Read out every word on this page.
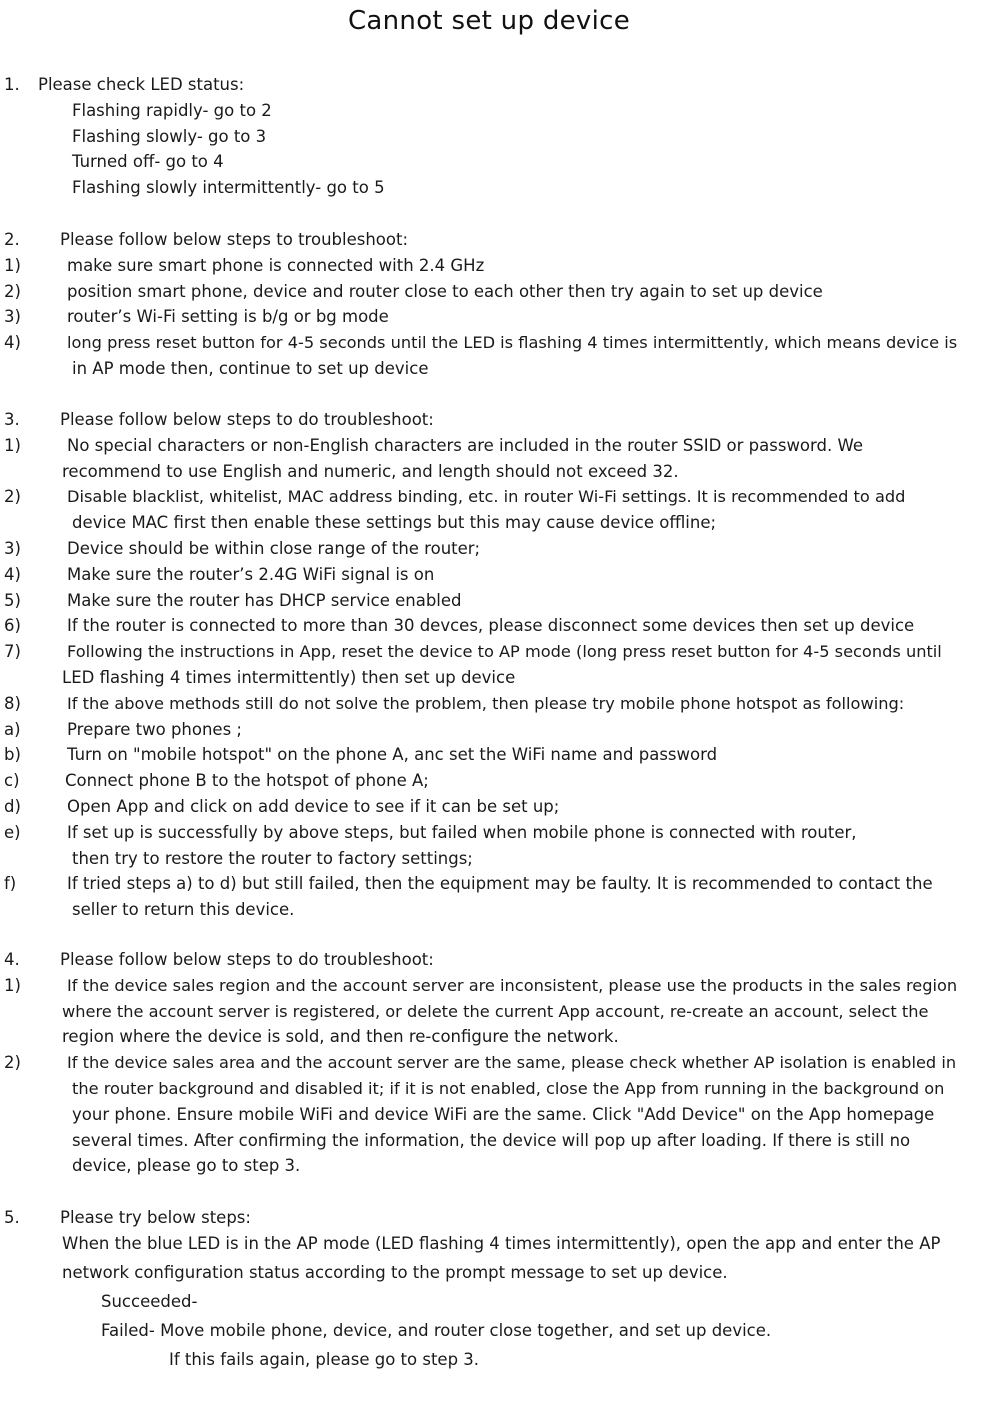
Cannot set up device
1. Please check LED status:
Flashing rapidly- go to 2
Flashing slowly- go to 3
Turned off- go to 4
Flashing slowly intermittently- go to 5
2. Please follow below steps to troubleshoot:
1)	make sure smart phone is connected with 2.4 GHz
2)	position smart phone, device and router close to each other then try again to set up device
3)	router’s Wi-Fi setting is b/g or bg mode
4)	long press reset button for 4-5 seconds until the LED is flashing 4 times intermittently, which means device is
in AP mode then, continue to set up device
3. Please follow below steps to do troubleshoot:
1)	No special characters or non-English characters are included in the router SSID or password. We
recommend to use English and numeric, and length should not exceed 32.
2)	Disable blacklist, whitelist, MAC address binding, etc. in router Wi-Fi settings. It is recommended to add
device MAC first then enable these settings but this may cause device offline;
3)	Device should be within close range of the router;
4)	Make sure the router’s 2.4G WiFi signal is on
5)	Make sure the router has DHCP service enabled
6)	If the router is connected to more than 30 devces, please disconnect some devices then set up device
7)	Following the instructions in App, reset the device to AP mode (long press reset button for 4-5 seconds until
LED flashing 4 times intermittently) then set up device
8)	If the above methods still do not solve the problem, then please try mobile phone hotspot as following:
a)	Prepare two phones ;
b)	Turn on "mobile hotspot" on the phone A, anc set the WiFi name and password
c)	Connect phone B to the hotspot of phone A;
d)	Open App and click on add device to see if it can be set up;
e)	If set up is successfully by above steps, but failed when mobile phone is connected with router,
then try to restore the router to factory settings;
f)	If tried steps a) to d) but still failed, then the equipment may be faulty. It is recommended to contact the
seller to return this device.
4. Please follow below steps to do troubleshoot:
1)	If the device sales region and the account server are inconsistent, please use the products in the sales region
where the account server is registered, or delete the current App account, re-create an account, select the
region where the device is sold, and then re-configure the network.
2)	If the device sales area and the account server are the same, please check whether AP isolation is enabled in
the router background and disabled it; if it is not enabled, close the App from running in the background on
your phone. Ensure mobile WiFi and device WiFi are the same. Click "Add Device" on the App homepage
several times. After confirming the information, the device will pop up after loading. If there is still no
device, please go to step 3.
5. Please try below steps:
When the blue LED is in the AP mode (LED flashing 4 times intermittently), open the app and enter the AP
network configuration status according to the prompt message to set up device.
Succeeded-
Failed- Move mobile phone, device, and router close together, and set up device.
If this fails again, please go to step 3.
